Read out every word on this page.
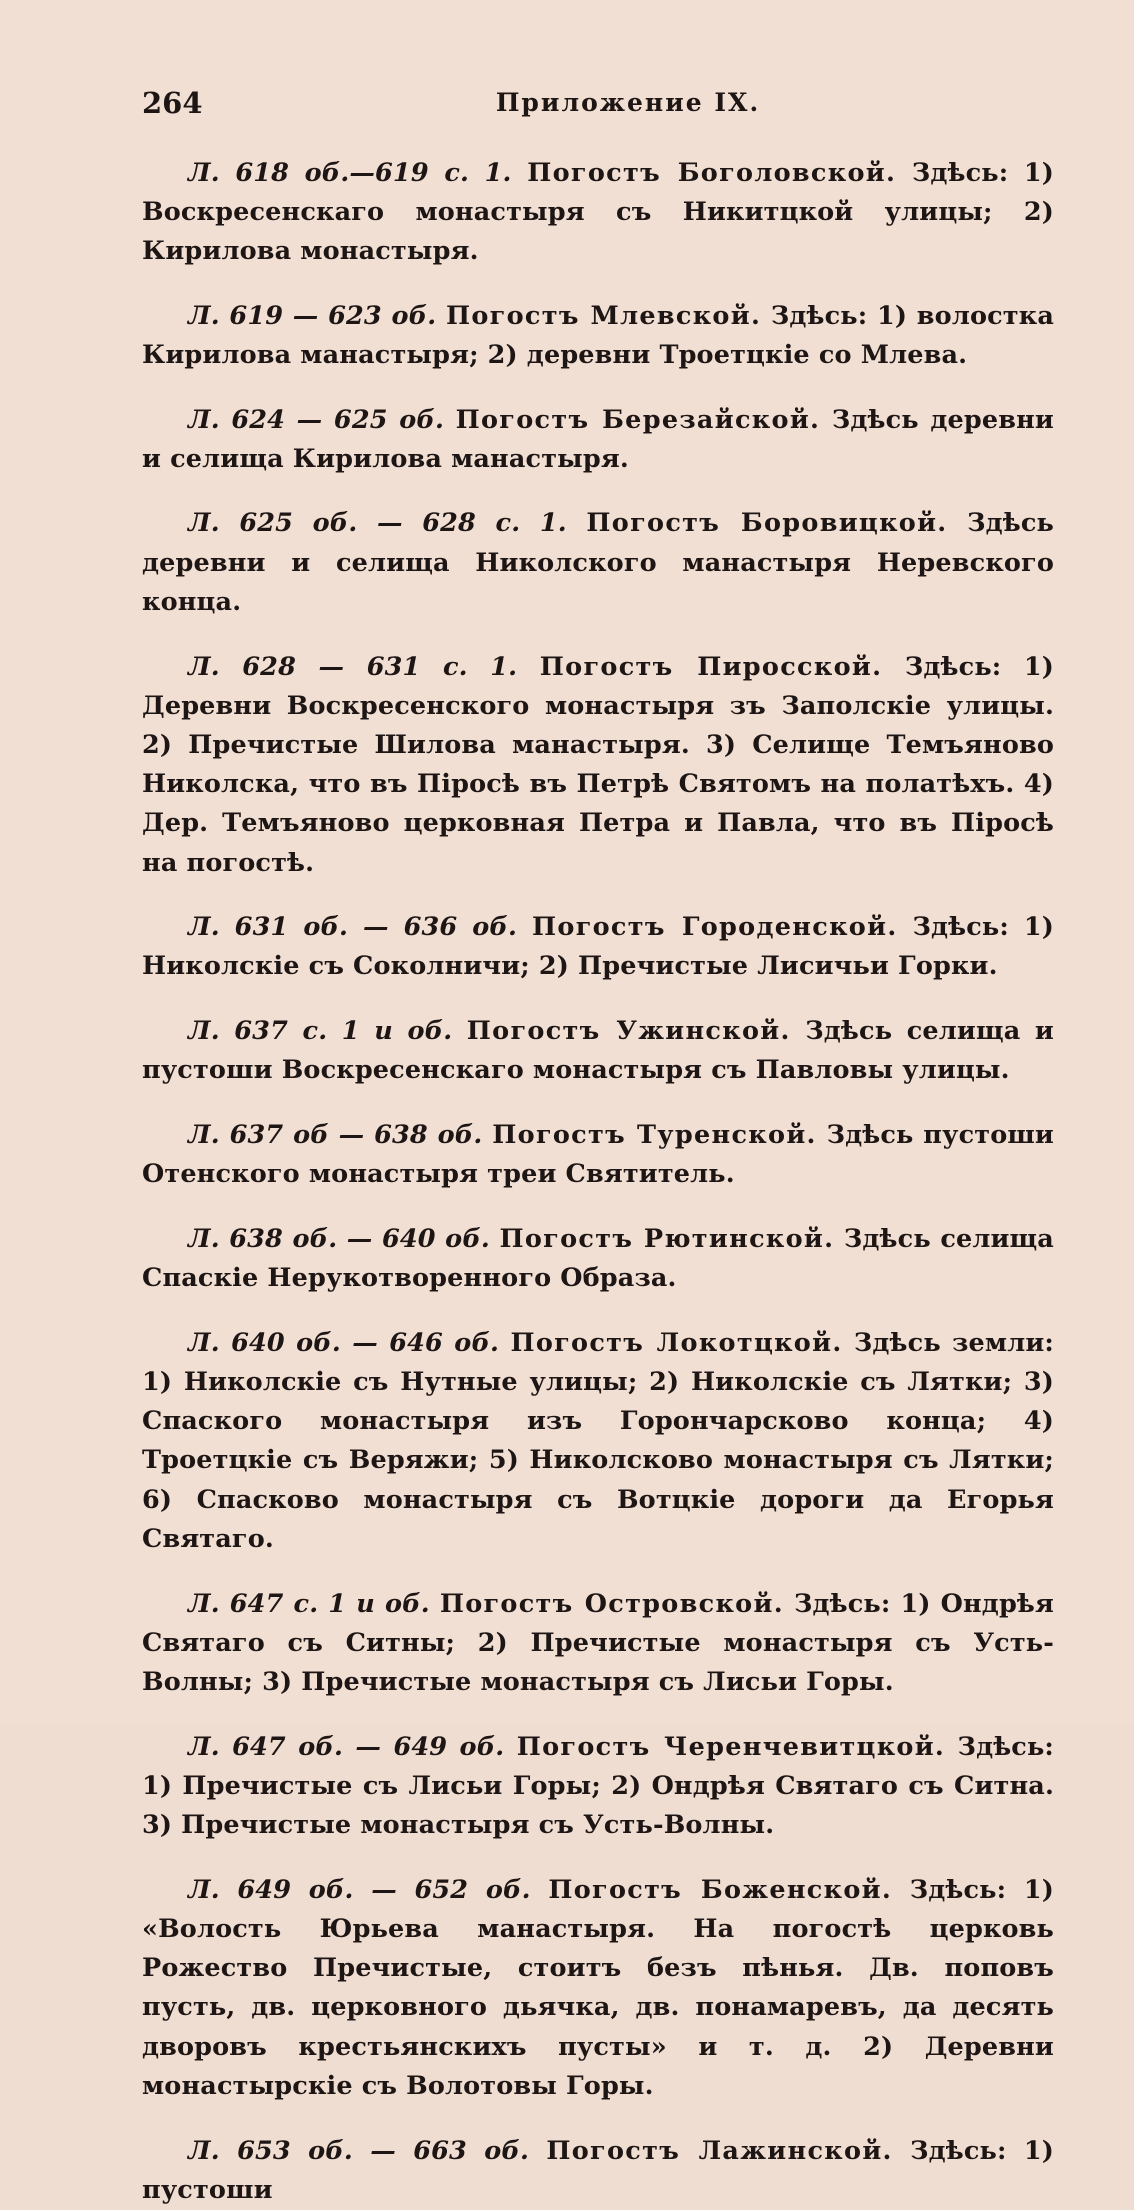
264	Приложение IX.

Л. 618 об.—619 с. 1. Погостъ Боголовской. Здѣсь: 1) Воскресенскаго монастыря съ Никитцкой улицы; 2) Кирилова монастыря.

Л. 619 — 623 об. Погостъ Млевской. Здѣсь: 1) волостка Кирилова манастыря; 2) деревни Троетцкіе со Млева.

Л. 624 — 625 об. Погостъ Березайской. Здѣсь деревни и селища Кирилова манастыря.

Л. 625 об. — 628 с. 1. Погостъ Боровицкой. Здѣсь деревни и селища Николского манастыря Неревского конца.

Л. 628 — 631 с. 1. Погостъ Пиросской. Здѣсь: 1) Деревни Воскресенского монастыря зъ Заполскіе улицы. 2) Пречистые Шилова манастыря. 3) Селище Темъяново Николска, что въ Піросѣ въ Петрѣ Святомъ на полатѣхъ. 4) Дер. Темъяново церковная Петра и Павла, что въ Піросѣ на погостѣ.

Л. 631 об. — 636 об. Погостъ Городенской. Здѣсь: 1) Николскіе съ Соколничи; 2) Пречистые Лисичьи Горки.

Л. 637 с. 1 и об. Погостъ Ужинской. Здѣсь селища и пустоши Воскресенскаго монастыря съ Павловы улицы.

Л. 637 об — 638 об. Погостъ Туренской. Здѣсь пустоши Отенского монастыря треи Святитель.

Л. 638 об. — 640 об. Погостъ Рютинской. Здѣсь селища Спаскіе Нерукотвореннoго Образа.

Л. 640 об. — 646 об. Погостъ Локотцкой. Здѣсь земли: 1) Николскіе съ Нутные улицы; 2) Николскіе съ Лятки; 3) Спаского монастыря изъ Горончарсково конца; 4) Троетцкіе съ Веряжи; 5) Николсково монастыря съ Лятки; 6) Спасково монастыря съ Вотцкіе дороги да Егорья Святаго.

Л. 647 с. 1 и об. Погостъ Островской. Здѣсь: 1) Ондрѣя Святаго съ Ситны; 2) Пречистые монастыря съ Усть-Волны; 3) Пречистые монастыря съ Лисьи Горы.

Л. 647 об. — 649 об. Погостъ Черенчевитцкой. Здѣсь: 1) Пречистые съ Лисьи Горы; 2) Ондрѣя Святаго съ Ситна. 3) Пречистые монастыря съ Усть-Волны.

Л. 649 об. — 652 об. Погостъ Боженской. Здѣсь: 1) «Волость Юрьева манастыря. На погостѣ церковь Рожество Пречистые, стоитъ безъ пѣнья. Дв. поповъ пусть, дв. церковного дьячка, дв. понамаревъ, да десять дворовъ крестьянскихъ пусты» и т. д. 2) Деревни монастырскіе съ Волотовы Горы.

Л. 653 об. — 663 об. Погостъ Лажинской. Здѣсь: 1) пустоши
